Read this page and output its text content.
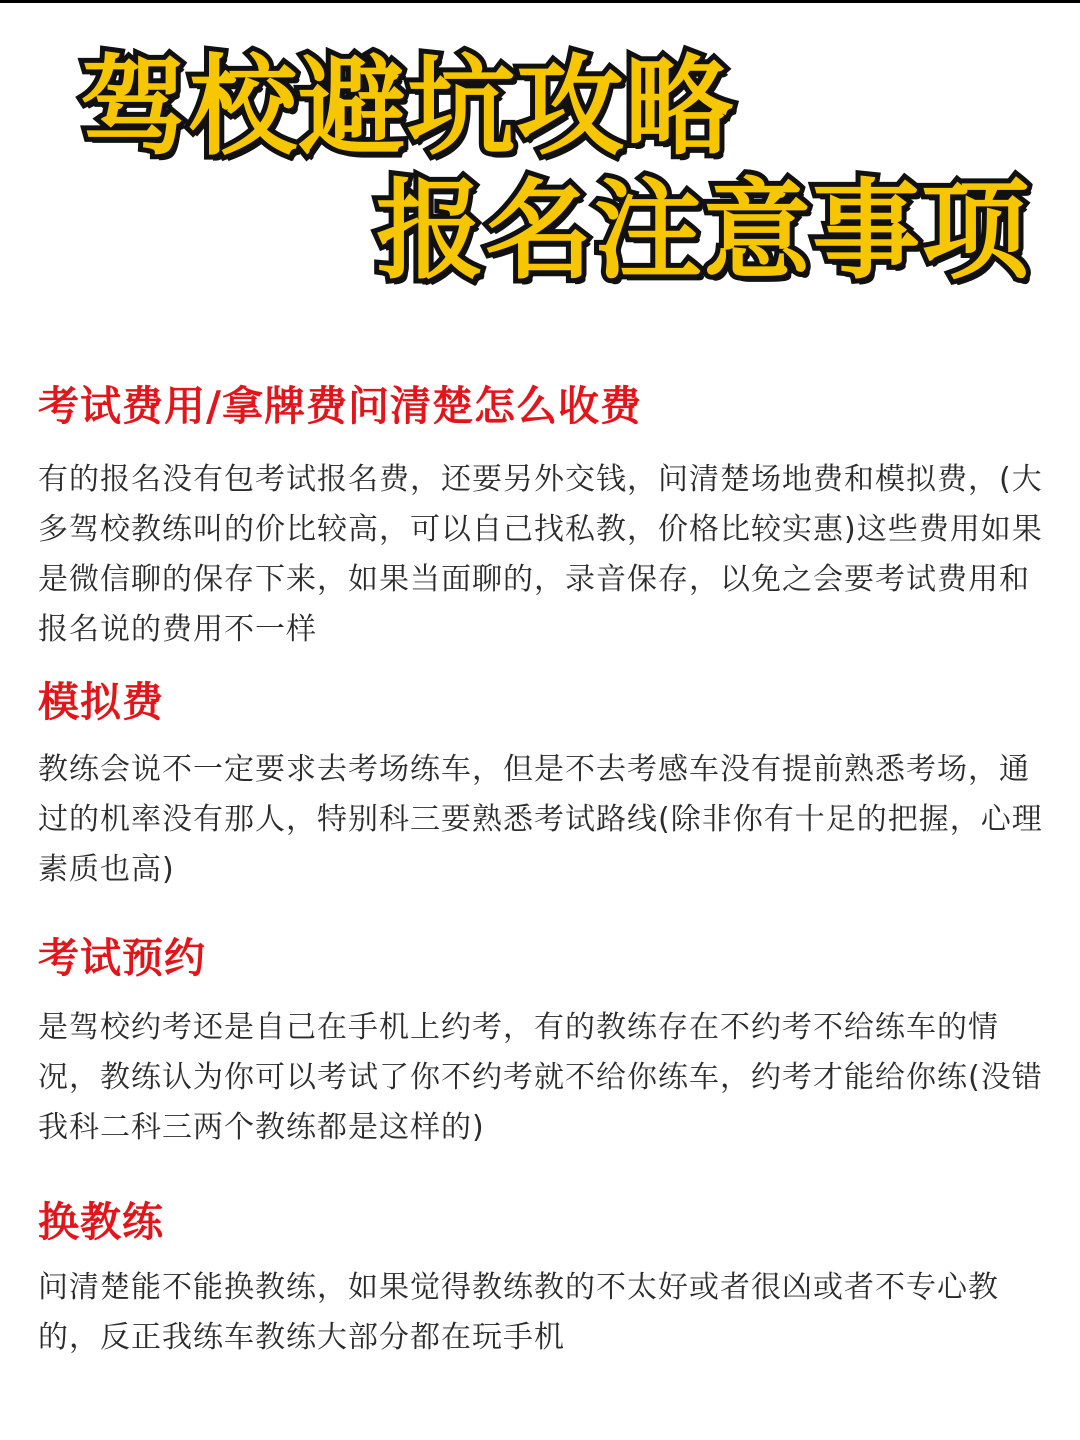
驾校避坑攻略
报名注意事项
考试费用/拿牌费问清楚怎么收费

有的报名没有包考试报名费，还要另外交钱，问清楚场地费和模拟费，(大多驾校教练叫的价比较高，可以自己找私教，价格比较实惠)这些费用如果是微信聊的保存下来，如果当面聊的，录音保存，以免之会要考试费用和报名说的费用不一样

模拟费

教练会说不一定要求去考场练车，但是不去考感车没有提前熟悉考场，通过的机率没有那人，特别科三要熟悉考试路线(除非你有十足的把握，心理素质也高)

考试预约

是驾校约考还是自己在手机上约考，有的教练存在不约考不给练车的情况，教练认为你可以考试了你不约考就不给你练车，约考才能给你练(没错我科二科三两个教练都是这样的)

换教练

问清楚能不能换教练，如果觉得教练教的不太好或者很凶或者不专心教的，反正我练车教练大部分都在玩手机
